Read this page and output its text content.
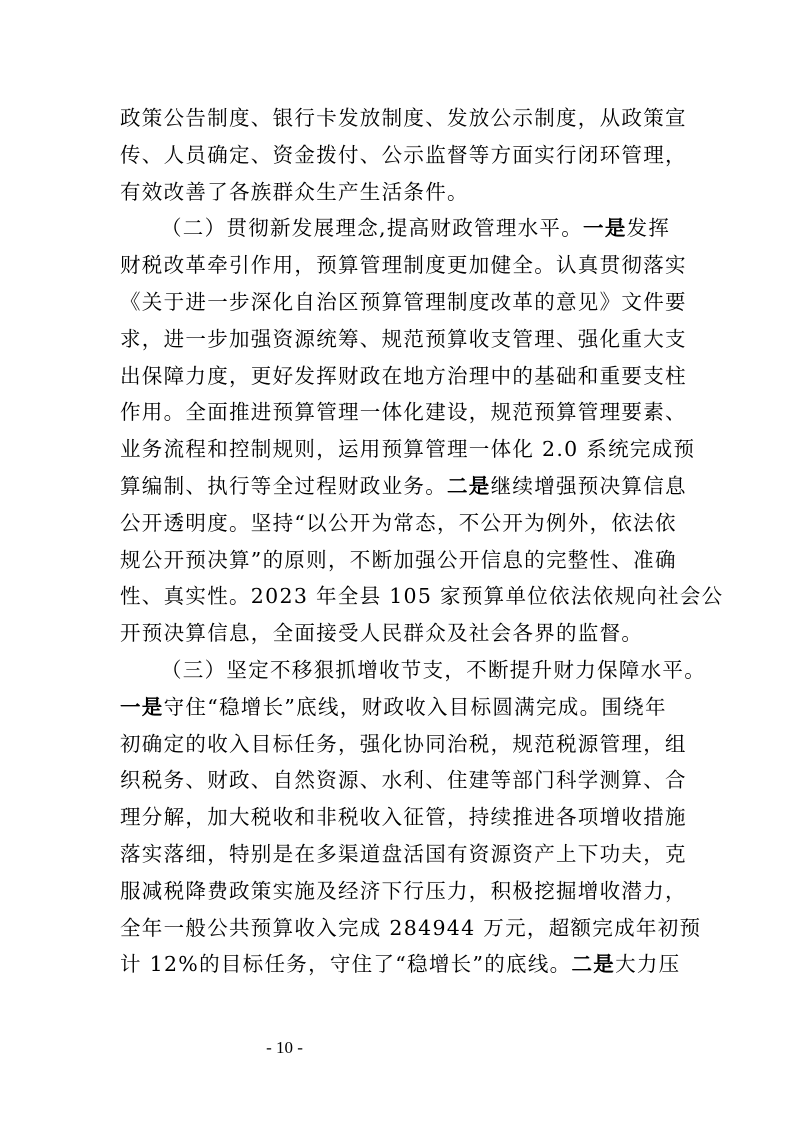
政策公告制度、银行卡发放制度、发放公示制度，从政策宣
传、人员确定、资金拨付、公示监督等方面实行闭环管理，
有效改善了各族群众生产生活条件。
（二）贯彻新发展理念,提高财政管理水平。一是发挥
财税改革牵引作用，预算管理制度更加健全。认真贯彻落实
《关于进一步深化自治区预算管理制度改革的意见》文件要
求，进一步加强资源统筹、规范预算收支管理、强化重大支
出保障力度，更好发挥财政在地方治理中的基础和重要支柱
作用。全面推进预算管理一体化建设，规范预算管理要素、
业务流程和控制规则，运用预算管理一体化 2.0 系统完成预
算编制、执行等全过程财政业务。二是继续增强预决算信息
公开透明度。坚持“以公开为常态，不公开为例外，依法依
规公开预决算”的原则，不断加强公开信息的完整性、准确
性、真实性。2023 年全县 105 家预算单位依法依规向社会公
开预决算信息，全面接受人民群众及社会各界的监督。
（三）坚定不移狠抓增收节支，不断提升财力保障水平。
一是守住“稳增长”底线，财政收入目标圆满完成。围绕年
初确定的收入目标任务，强化协同治税，规范税源管理，组
织税务、财政、自然资源、水利、住建等部门科学测算、合
理分解，加大税收和非税收入征管，持续推进各项增收措施
落实落细，特别是在多渠道盘活国有资源资产上下功夫，克
服减税降费政策实施及经济下行压力，积极挖掘增收潜力，
全年一般公共预算收入完成 284944 万元，超额完成年初预
计 12%的目标任务，守住了“稳增长”的底线。二是大力压
- 10 -
